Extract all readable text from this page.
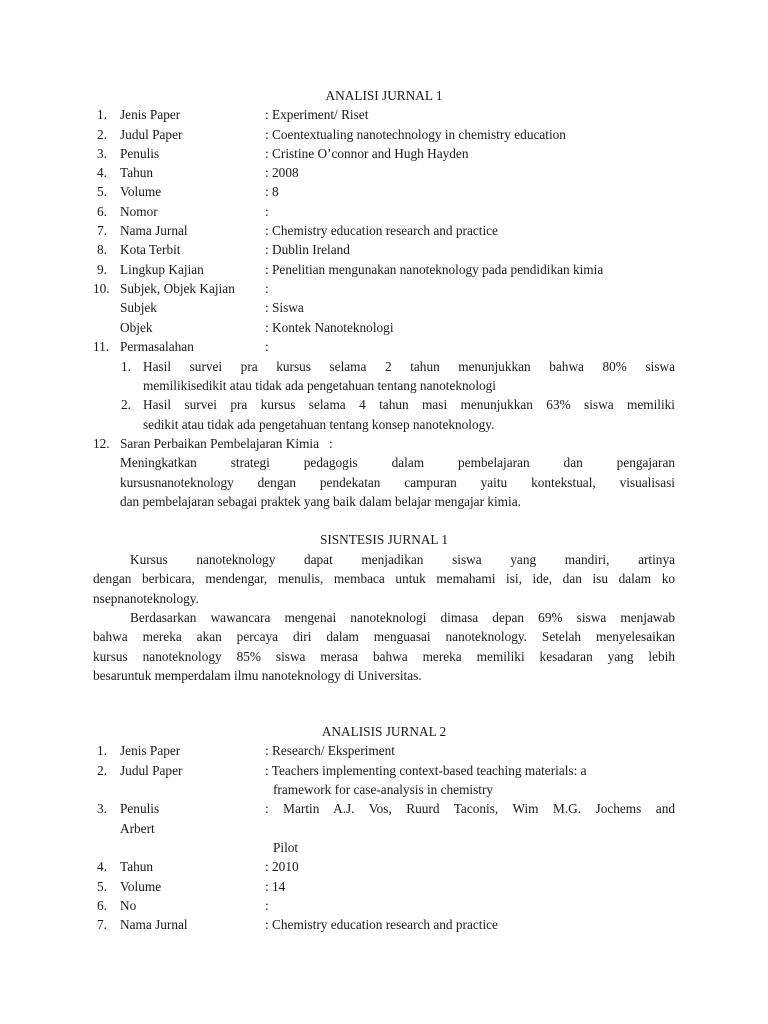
ANALISI JURNAL 1
1. Jenis Paper	: Experiment/ Riset
2. Judul Paper	: Coentextualing nanotechnology in chemistry education
3. Penulis	: Cristine O’connor and Hugh Hayden
4. Tahun	: 2008
5. Volume	: 8
6. Nomor	:
7. Nama Jurnal	: Chemistry education research and practice
8. Kota Terbit	: Dublin Ireland
9. Lingkup Kajian	: Penelitian mengunakan nanoteknology pada pendidikan kimia
10. Subjek, Objek Kajian :
Subjek	: Siswa
Objek	: Kontek Nanoteknologi
11. Permasalahan	:
1. Hasil survei pra kursus selama 2 tahun menunjukkan bahwa 80% siswa
memilikisedikit atau tidak ada pengetahuan tentang nanoteknologi
2. Hasil survei pra kursus selama 4 tahun masi menunjukkan 63% siswa memiliki
sedikit atau tidak ada pengetahuan tentang konsep nanoteknology.
12. Saran Perbaikan Pembelajaran Kimia   :
Meningkatkan strategi pedagogis dalam pembelajaran dan pengajaran
kursusnanoteknology dengan pendekatan campuran yaitu kontekstual, visualisasi
dan pembelajaran sebagai praktek yang baik dalam belajar mengajar kimia.
SISNTESIS JURNAL 1
Kursus nanoteknology dapat menjadikan siswa yang mandiri, artinya
dengan berbicara, mendengar, menulis, membaca untuk memahami isi, ide, dan isu dalam ko
nsepnanoteknology.
Berdasarkan wawancara mengenai nanoteknologi dimasa depan 69% siswa menjawab
bahwa mereka akan percaya diri dalam menguasai nanoteknology. Setelah menyelesaikan
kursus nanoteknology 85% siswa merasa bahwa mereka memiliki kesadaran yang lebih
besaruntuk memperdalam ilmu nanoteknology di Universitas.
ANALISIS JURNAL 2
1. Jenis Paper	: Research/ Eksperiment
2. Judul Paper	: Teachers implementing context-based teaching materials: a
framework for case-analysis in chemistry
3. Penulis	: Martin A.J. Vos, Ruurd Taconis, Wim M.G. Jochems and
Arbert
Pilot
4. Tahun	: 2010
5. Volume	: 14
6. No	:
7. Nama Jurnal	: Chemistry education research and practice
